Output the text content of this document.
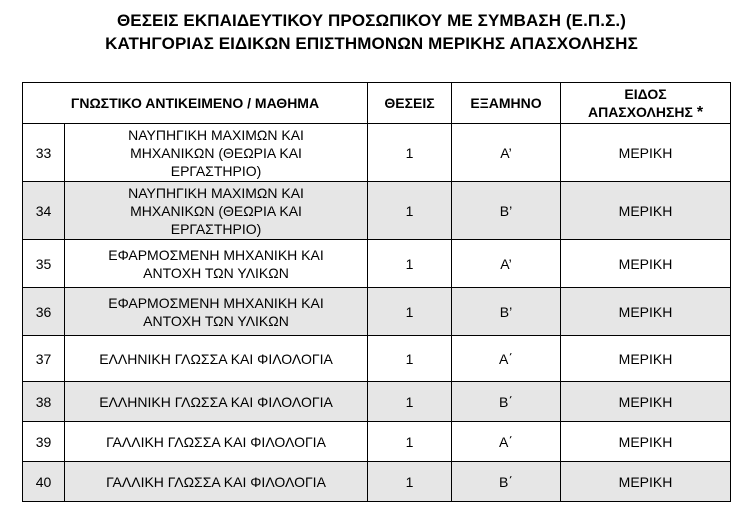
ΘΕΣΕΙΣ ΕΚΠΑΙΔΕΥΤΙΚΟΥ ΠΡΟΣΩΠΙΚΟΥ ΜΕ ΣΥΜΒΑΣΗ (Ε.Π.Σ.)
ΚΑΤΗΓΟΡΙΑΣ ΕΙΔΙΚΩΝ ΕΠΙΣΤΗΜΟΝΩΝ ΜΕΡΙΚΗΣ ΑΠΑΣΧΟΛΗΣΗΣ
ΓΝΩΣΤΙΚΟ ΑΝΤΙΚΕΙΜΕΝΟ / ΜΑΘΗΜΑ		ΘΕΣΕΙΣ	ΕΞΑΜΗΝΟ	ΕΙΔΟΣ
ΑΠΑΣΧΟΛΗΣΗΣ *

33	ΝΑΥΠΗΓΙΚΗ ΜΑΧΙΜΩΝ ΚΑΙ
ΜΗΧΑΝΙΚΩΝ (ΘΕΩΡΙΑ ΚΑΙ
ΕΡΓΑΣΤΗΡΙΟ)	1	Α’	ΜΕΡΙΚΗ
34	ΝΑΥΠΗΓΙΚΗ ΜΑΧΙΜΩΝ ΚΑΙ
ΜΗΧΑΝΙΚΩΝ (ΘΕΩΡΙΑ ΚΑΙ
ΕΡΓΑΣΤΗΡΙΟ)	1	Β’	ΜΕΡΙΚΗ
35	ΕΦΑΡΜΟΣΜΕΝΗ ΜΗΧΑΝΙΚΗ ΚΑΙ
ΑΝΤΟΧΗ ΤΩΝ ΥΛΙΚΩΝ	1	Α’	ΜΕΡΙΚΗ
36	ΕΦΑΡΜΟΣΜΕΝΗ ΜΗΧΑΝΙΚΗ ΚΑΙ
ΑΝΤΟΧΗ ΤΩΝ ΥΛΙΚΩΝ	1	Β’	ΜΕΡΙΚΗ
37	ΕΛΛΗΝΙΚΗ ΓΛΩΣΣΑ ΚΑΙ ΦΙΛΟΛΟΓΙΑ	1	Α΄	ΜΕΡΙΚΗ
38	ΕΛΛΗΝΙΚΗ ΓΛΩΣΣΑ ΚΑΙ ΦΙΛΟΛΟΓΙΑ	1	Β΄	ΜΕΡΙΚΗ
39	ΓΑΛΛΙΚΗ ΓΛΩΣΣΑ ΚΑΙ ΦΙΛΟΛΟΓΙΑ	1	Α΄	ΜΕΡΙΚΗ
40	ΓΑΛΛΙΚΗ ΓΛΩΣΣΑ ΚΑΙ ΦΙΛΟΛΟΓΙΑ	1	Β΄	ΜΕΡΙΚΗ
